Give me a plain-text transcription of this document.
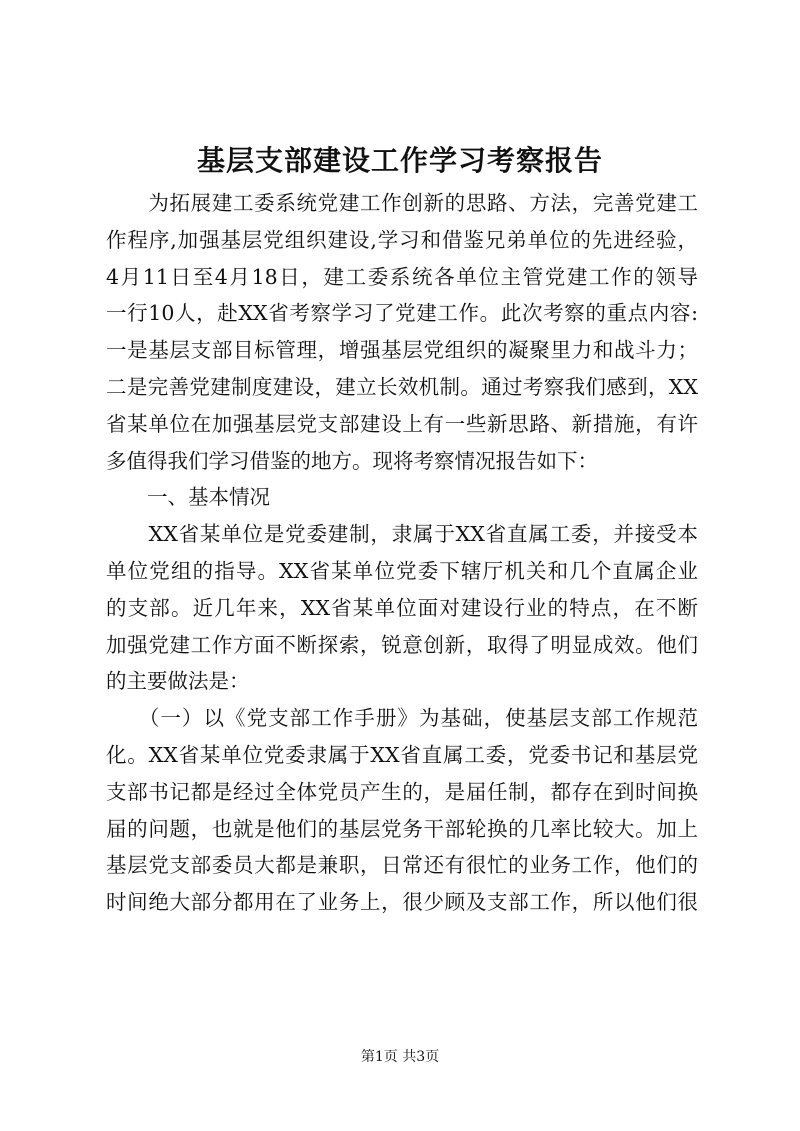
基层支部建设工作学习考察报告
　　为拓展建工委系统党建工作创新的思路、方法，完善党建工
作程序,加强基层党组织建设,学习和借鉴兄弟单位的先进经验，
4月11日至4月18日，建工委系统各单位主管党建工作的领导
一行10人，赴XX省考察学习了党建工作。此次考察的重点内容:
一是基层支部目标管理，增强基层党组织的凝聚里力和战斗力；
二是完善党建制度建设，建立长效机制。通过考察我们感到，XX
省某单位在加强基层党支部建设上有一些新思路、新措施，有许
多值得我们学习借鉴的地方。现将考察情况报告如下：
　　一、基本情况
　　XX省某单位是党委建制，隶属于XX省直属工委，并接受本
单位党组的指导。XX省某单位党委下辖厅机关和几个直属企业
的支部。近几年来，XX省某单位面对建设行业的特点，在不断
加强党建工作方面不断探索，锐意创新，取得了明显成效。他们
的主要做法是：
　　（一）以《党支部工作手册》为基础，使基层支部工作规范
化。XX省某单位党委隶属于XX省直属工委，党委书记和基层党
支部书记都是经过全体党员产生的，是届任制，都存在到时间换
届的问题，也就是他们的基层党务干部轮换的几率比较大。加上
基层党支部委员大都是兼职，日常还有很忙的业务工作，他们的
时间绝大部分都用在了业务上，很少顾及支部工作，所以他们很
第1页 共3页
